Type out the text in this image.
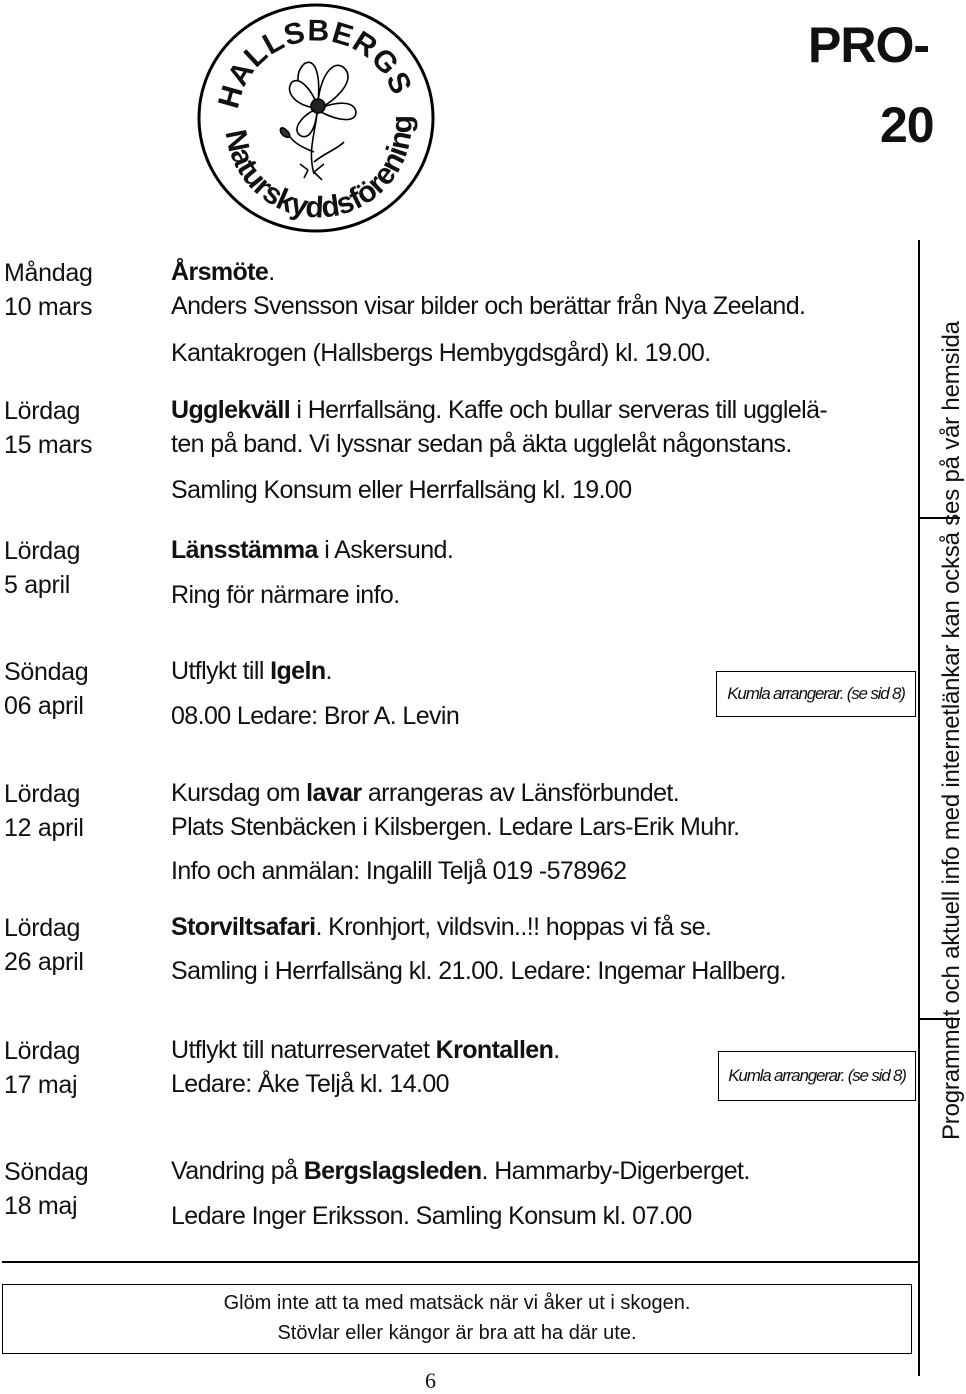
HALLSBERGS
Naturskyddsförening
PRO-
20
Programmet och aktuell info med internetlänkar kan också ses på vår hemsida
Måndag
10 mars
Årsmöte.
Anders Svensson visar bilder och berättar från Nya Zeeland.
Kantakrogen (Hallsbergs Hembygdsgård) kl. 19.00.
Lördag
15 mars
Ugglekväll i Herrfallsäng. Kaffe och bullar serveras till ugglelä-
ten på band. Vi lyssnar sedan på äkta ugglelåt någonstans.
Samling Konsum eller Herrfallsäng kl. 19.00
Lördag
5 april
Länsstämma i Askersund.
Ring för närmare info.
Söndag
06 april
Utflykt till Igeln.
08.00 Ledare: Bror A. Levin
Kumla arrangerar. (se sid 8)
Lördag
12 april
Kursdag om lavar arrangeras av Länsförbundet.
Plats Stenbäcken i Kilsbergen. Ledare Lars-Erik Muhr.
Info och anmälan: Ingalill Teljå 019 -578962
Lördag
26 april
Storviltsafari. Kronhjort, vildsvin..!! hoppas vi få se.
Samling i Herrfallsäng kl. 21.00. Ledare: Ingemar Hallberg.
Lördag
17 maj
Utflykt till naturreservatet Krontallen.
Ledare: Åke Teljå kl. 14.00	Kumla arrangerar. (se sid 8)
Söndag
18 maj
Vandring på Bergslagsleden. Hammarby-Digerberget.
Ledare Inger Eriksson. Samling Konsum kl. 07.00
Glöm inte att ta med matsäck när vi åker ut i skogen.
Stövlar eller kängor är bra att ha där ute.
6
